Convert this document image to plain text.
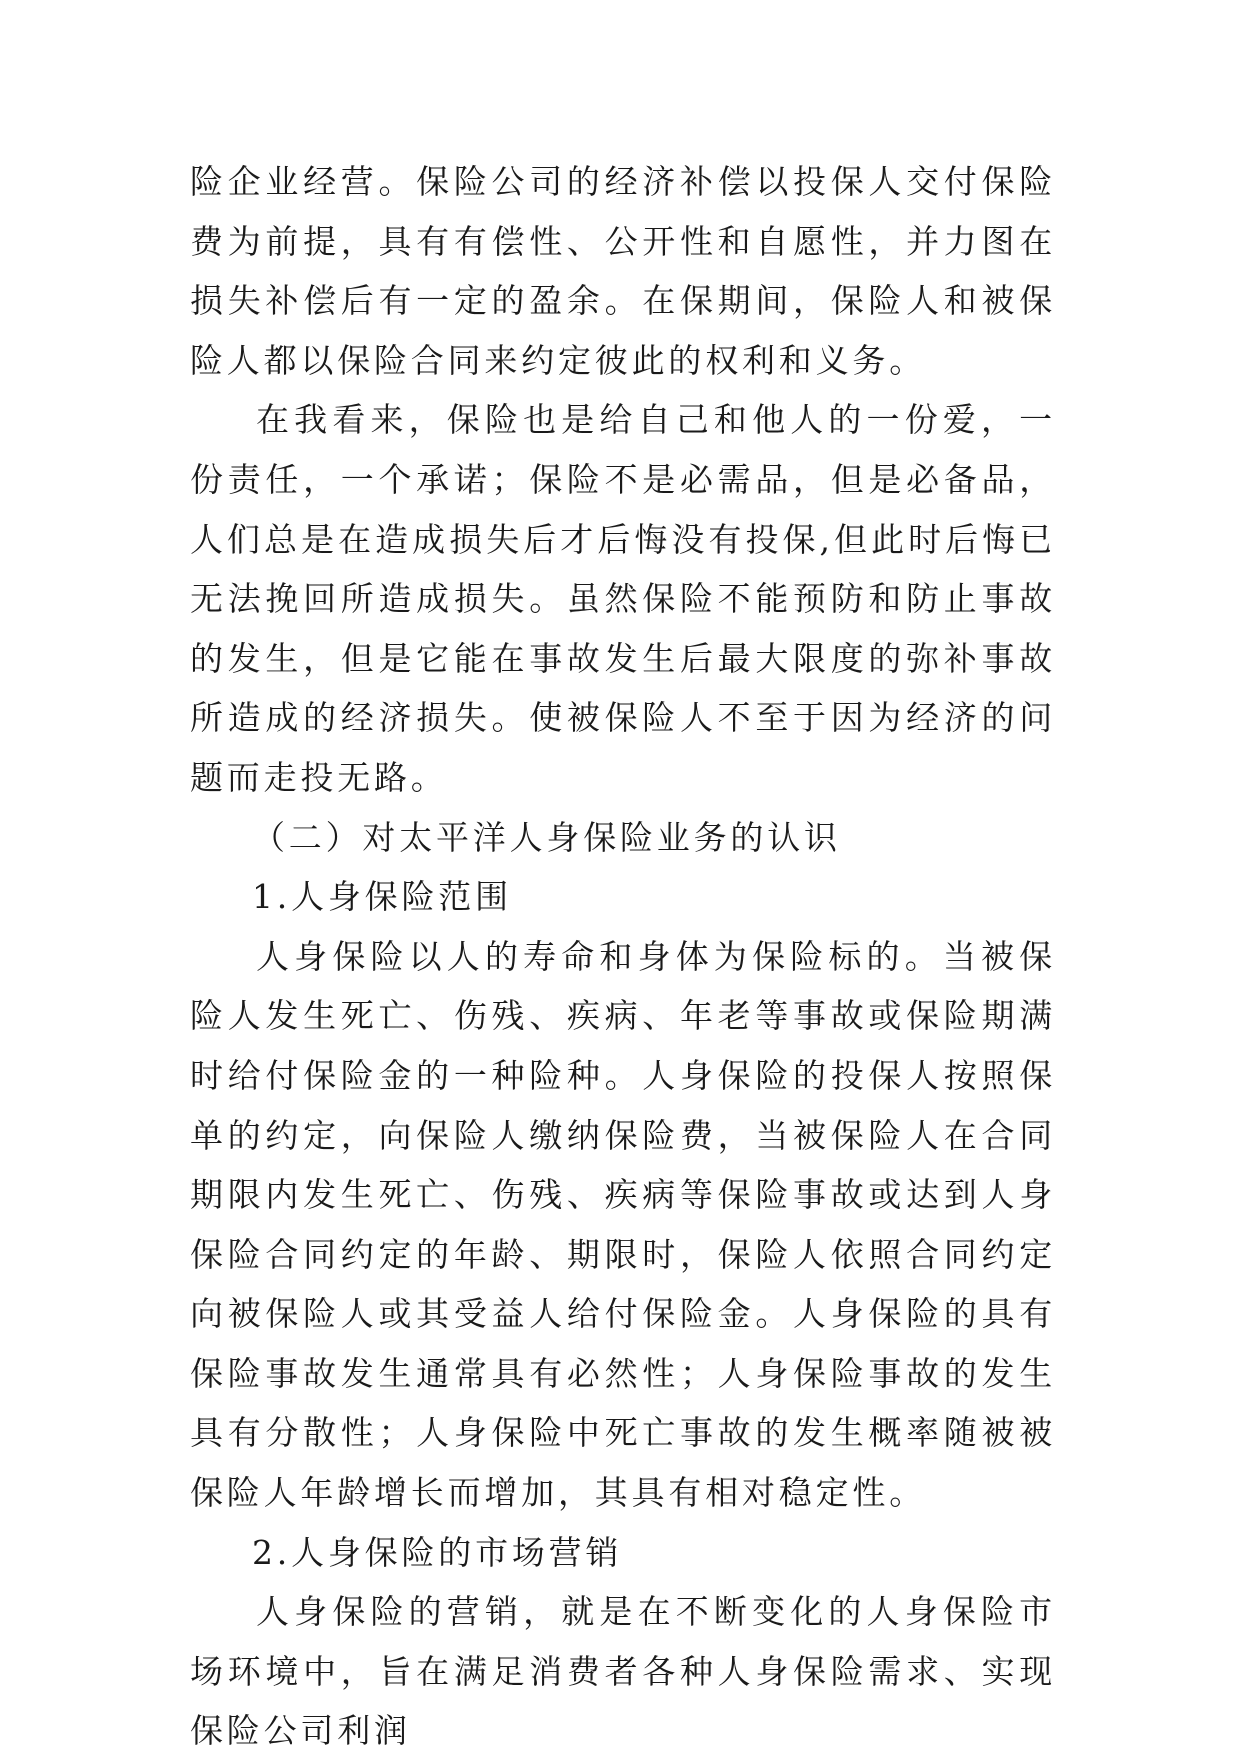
险企业经营。保险公司的经济补偿以投保人交付保险费为前提，具有有偿性、公开性和自愿性，并力图在损失补偿后有一定的盈余。在保期间，保险人和被保险人都以保险合同来约定彼此的权利和义务。

在我看来，保险也是给自己和他人的一份爱，一份责任，一个承诺；保险不是必需品，但是必备品，人们总是在造成损失后才后悔没有投保,但此时后悔已无法挽回所造成损失。虽然保险不能预防和防止事故的发生，但是它能在事故发生后最大限度的弥补事故所造成的经济损失。使被保险人不至于因为经济的问题而走投无路。

（二）对太平洋人身保险业务的认识

1.人身保险范围

人身保险以人的寿命和身体为保险标的。当被保险人发生死亡、伤残、疾病、年老等事故或保险期满时给付保险金的一种险种。人身保险的投保人按照保单的约定，向保险人缴纳保险费，当被保险人在合同期限内发生死亡、伤残、疾病等保险事故或达到人身保险合同约定的年龄、期限时，保险人依照合同约定向被保险人或其受益人给付保险金。人身保险的具有保险事故发生通常具有必然性；人身保险事故的发生具有分散性；人身保险中死亡事故的发生概率随被被保险人年龄增长而增加，其具有相对稳定性。

2.人身保险的市场营销

人身保险的营销，就是在不断变化的人身保险市场环境中，旨在满足消费者各种人身保险需求、实现保险公司利润
